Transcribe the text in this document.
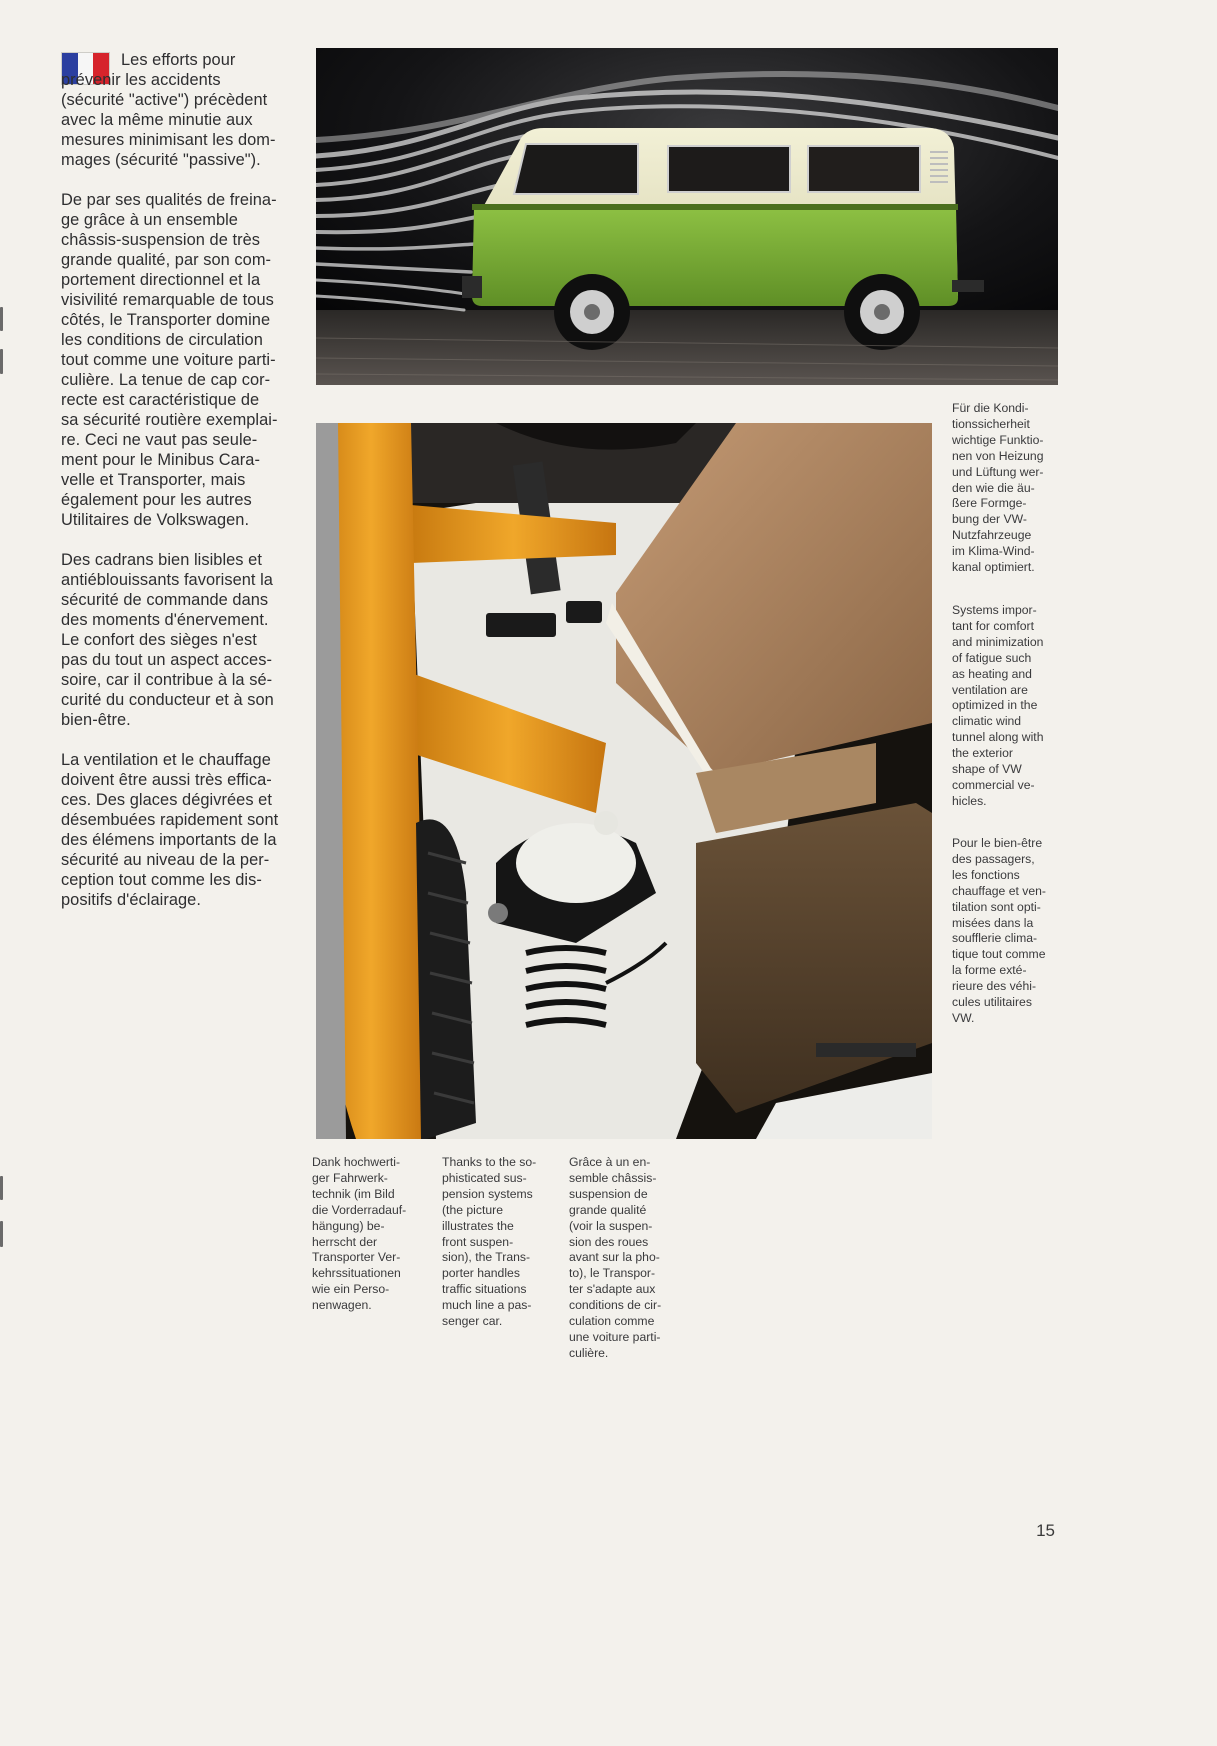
Les efforts pour
prévenir les accidents
(sécurité "active") précèdent
avec la même minutie aux
mesures minimisant les dom-
mages (sécurité "passive").

De par ses qualités de freina-
ge grâce à un ensemble
châssis-suspension de très
grande qualité, par son com-
portement directionnel et la
visivilité remarquable de tous
côtés, le Transporter domine
les conditions de circulation
tout comme une voiture parti-
culière. La tenue de cap cor-
recte est caractéristique de
sa sécurité routière exemplai-
re. Ceci ne vaut pas seule-
ment pour le Minibus Cara-
velle et Transporter, mais
également pour les autres
Utilitaires de Volkswagen.

Des cadrans bien lisibles et
antiéblouissants favorisent la
sécurité de commande dans
des moments d'énervement.
Le confort des sièges n'est
pas du tout un aspect acces-
soire, car il contribue à la sé-
curité du conducteur et à son
bien-être.

La ventilation et le chauffage
doivent être aussi très effica-
ces. Des glaces dégivrées et
désembuées rapidement sont
des élémens importants de la
sécurité au niveau de la per-
ception tout comme les dis-
positifs d'éclairage.

Für die Kondi-
tionssicherheit
wichtige Funktio-
nen von Heizung
und Lüftung wer-
den wie die äu-
ßere Formge-
bung der VW-
Nutzfahrzeuge
im Klima-Wind-
kanal optimiert.
Systems impor-
tant for comfort
and minimization
of fatigue such
as heating and
ventilation are
optimized in the
climatic wind
tunnel along with
the exterior
shape of VW
commercial ve-
hicles.
Pour le bien-être
des passagers,
les fonctions
chauffage et ven-
tilation sont opti-
misées dans la
soufflerie clima-
tique tout comme
la forme exté-
rieure des véhi-
cules utilitaires
VW.
Dank hochwerti-
ger Fahrwerk-
technik (im Bild
die Vorderradauf-
hängung) be-
herrscht der
Transporter Ver-
kehrssituationen
wie ein Perso-
nenwagen.
Thanks to the so-
phisticated sus-
pension systems
(the picture
illustrates the
front suspen-
sion), the Trans-
porter handles
traffic situations
much line a pas-
senger car.
Grâce à un en-
semble châssis-
suspension de
grande qualité
(voir la suspen-
sion des roues
avant sur la pho-
to), le Transpor-
ter s'adapte aux
conditions de cir-
culation comme
une voiture parti-
culière.
15
